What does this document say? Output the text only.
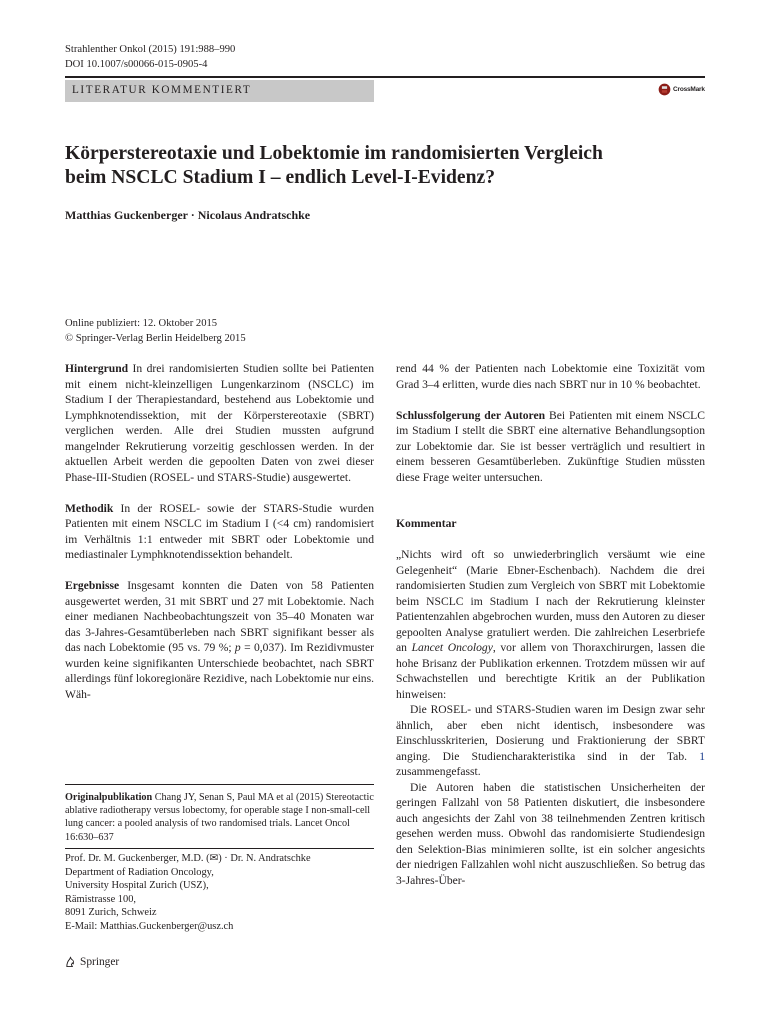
Strahlenther Onkol (2015) 191:988–990
DOI 10.1007/s00066-015-0905-4
LITERATUR KOMMENTIERT	CrossMark
Körperstereotaxie und Lobektomie im randomisierten Vergleich
beim NSCLC Stadium I – endlich Level-I-Evidenz?
Matthias Guckenberger · Nicolaus Andratschke
Online publiziert: 12. Oktober 2015
© Springer-Verlag Berlin Heidelberg 2015

Hintergrund In drei randomisierten Studien sollte bei Patienten mit einem nicht-kleinzelligen Lungenkarzinom (NSCLC) im Stadium I der Therapiestandard, bestehend aus Lobektomie und Lymphknotendissektion, mit der Körperstereotaxie (SBRT) verglichen werden. Alle drei Studien mussten aufgrund mangelnder Rekrutierung vorzeitig geschlossen werden. In der aktuellen Arbeit werden die gepoolten Daten von zwei dieser Phase-III-Studien (ROSEL- und STARS-Studie) ausgewertet.

Methodik In der ROSEL- sowie der STARS-Studie wurden Patienten mit einem NSCLC im Stadium I (<4 cm) randomisiert im Verhältnis 1:1 entweder mit SBRT oder Lobektomie und mediastinaler Lymphknotendissektion behandelt.

Ergebnisse Insgesamt konnten die Daten von 58 Patienten ausgewertet werden, 31 mit SBRT und 27 mit Lobektomie. Nach einer medianen Nachbeobachtungszeit von 35–40 Monaten war das 3-Jahres-Gesamtüberleben nach SBRT signifikant besser als das nach Lobektomie (95 vs. 79 %; p = 0,037). Im Rezidivmuster wurden keine signifikanten Unterschiede beobachtet, nach SBRT allerdings fünf lokoregionäre Rezidive, nach Lobektomie nur eins. Wäh-

Originalpublikation Chang JY, Senan S, Paul MA et al (2015) Stereotactic ablative radiotherapy versus lobectomy, for operable stage I non-small-cell lung cancer: a pooled analysis of two randomised trials. Lancet Oncol 16:630–637
Prof. Dr. M. Guckenberger, M.D. (✉) · Dr. N. Andratschke
Department of Radiation Oncology,
University Hospital Zurich (USZ),
Rämistrasse 100,
8091 Zurich, Schweiz
E-Mail: Matthias.Guckenberger@usz.ch
Springer

rend 44 % der Patienten nach Lobektomie eine Toxizität vom Grad 3–4 erlitten, wurde dies nach SBRT nur in 10 % beobachtet.

Schlussfolgerung der Autoren Bei Patienten mit einem NSCLC im Stadium I stellt die SBRT eine alternative Behandlungsoption zur Lobektomie dar. Sie ist besser verträglich und resultiert in einem besseren Gesamtüberleben. Zukünftige Studien müssten diese Frage weiter untersuchen.

Kommentar

„Nichts wird oft so unwiederbringlich versäumt wie eine Gelegenheit“ (Marie Ebner-Eschenbach). Nachdem die drei randomisierten Studien zum Vergleich von SBRT mit Lobektomie beim NSCLC im Stadium I nach der Rekrutierung kleinster Patientenzahlen abgebrochen wurden, muss den Autoren zu dieser gepoolten Analyse gratuliert werden. Die zahlreichen Leserbriefe an Lancet Oncology, vor allem von Thoraxchirurgen, lassen die hohe Brisanz der Publikation erkennen. Trotzdem müssen wir auf Schwachstellen und berechtigte Kritik an der Publikation hinweisen:

Die ROSEL- und STARS-Studien waren im Design zwar sehr ähnlich, aber eben nicht identisch, insbesondere was Einschlusskriterien, Dosierung und Fraktionierung der SBRT anging. Die Studiencharakteristika sind in der Tab. 1 zusammengefasst.

Die Autoren haben die statistischen Unsicherheiten der geringen Fallzahl von 58 Patienten diskutiert, die insbesondere auch angesichts der Zahl von 38 teilnehmenden Zentren kritisch gesehen werden muss. Obwohl das randomisierte Studiendesign den Selektion-Bias minimieren sollte, ist ein solcher angesichts der niedrigen Fallzahlen wohl nicht auszuschließen. So betrug das 3-Jahres-Über-
